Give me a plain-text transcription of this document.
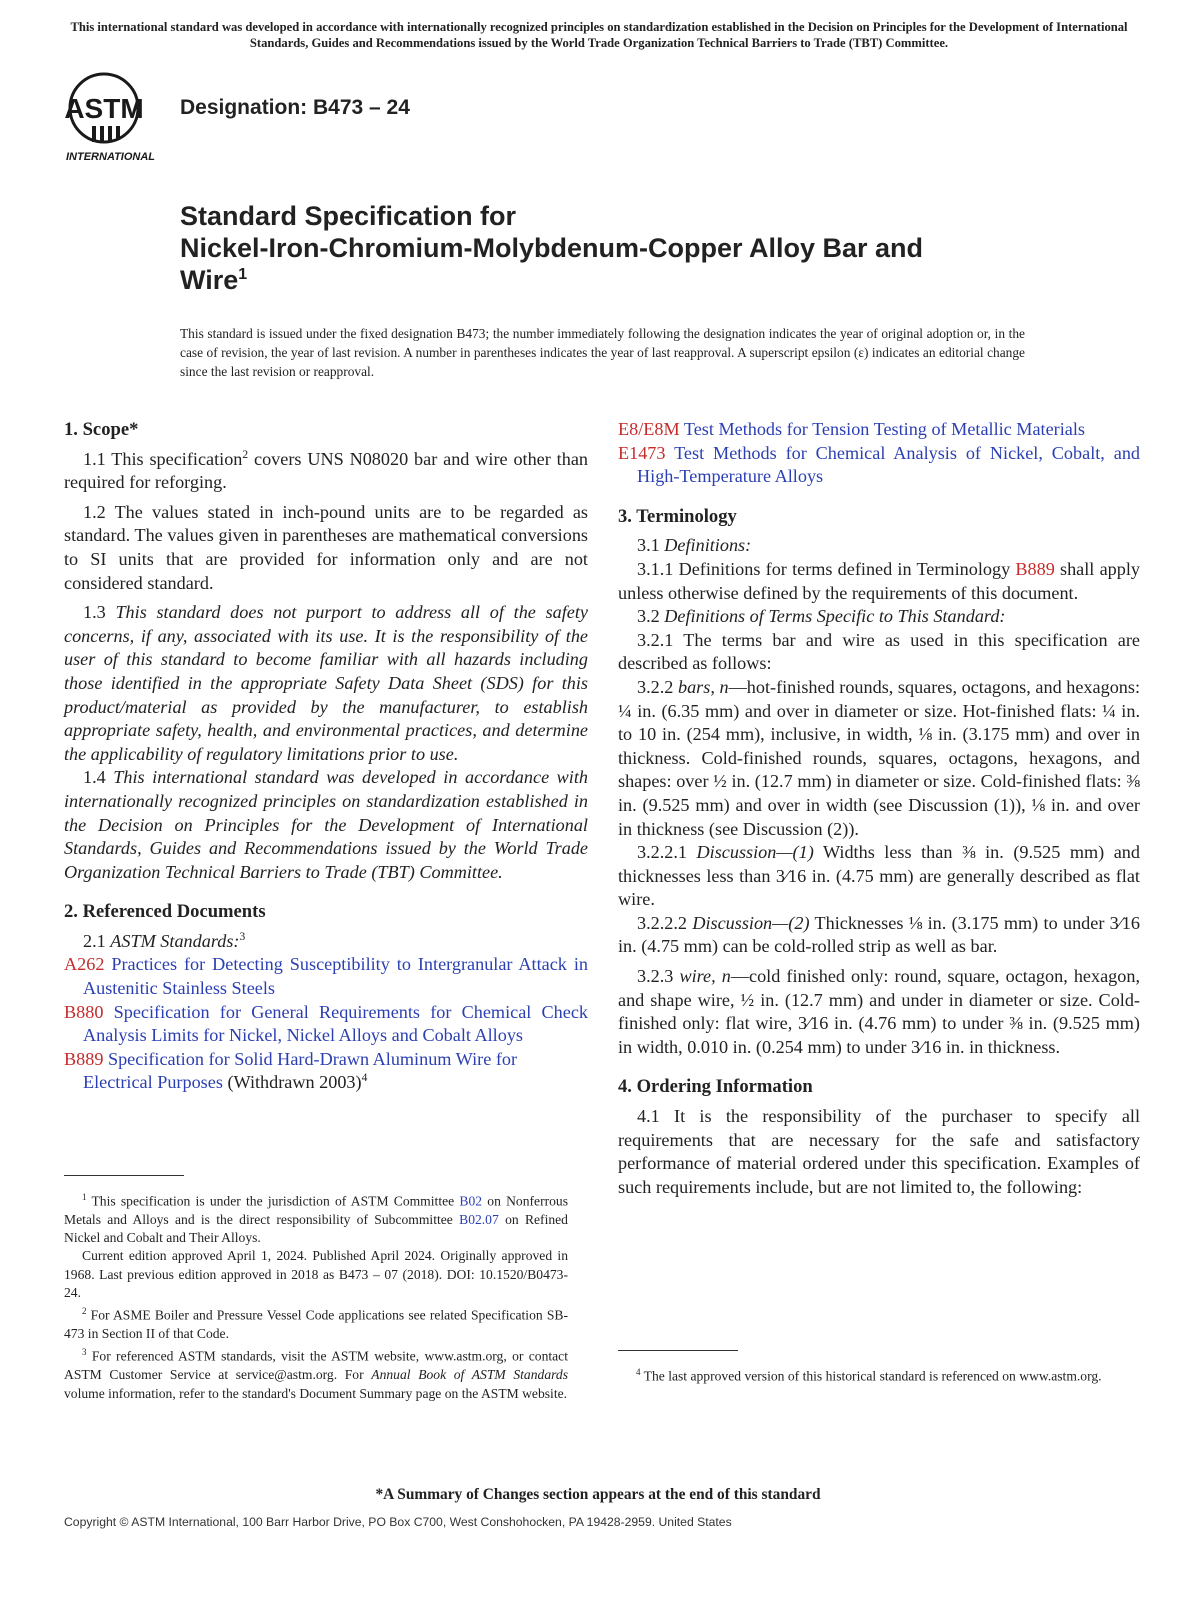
This international standard was developed in accordance with internationally recognized principles on standardization established in the Decision on Principles for the Development of International Standards, Guides and Recommendations issued by the World Trade Organization Technical Barriers to Trade (TBT) Committee.
ASTM
INTERNATIONAL
Designation: B473 – 24
Standard Specification for
Nickel-Iron-Chromium-Molybdenum-Copper Alloy Bar and
Wire$^1$
This standard is issued under the fixed designation B473; the number immediately following the designation indicates the year of original adoption or, in the case of revision, the year of last revision. A number in parentheses indicates the year of last reapproval. A superscript epsilon (ε) indicates an editorial change since the last revision or reapproval.
1. Scope*

1.1 This specification$^2$ covers UNS N08020 bar and wire other than required for reforging.

1.2 The values stated in inch-pound units are to be regarded as standard. The values given in parentheses are mathematical conversions to SI units that are provided for information only and are not considered standard.

1.3 This standard does not purport to address all of the safety concerns, if any, associated with its use. It is the responsibility of the user of this standard to become familiar with all hazards including those identified in the appropriate Safety Data Sheet (SDS) for this product/material as provided by the manufacturer, to establish appropriate safety, health, and environmental practices, and determine the applicability of regulatory limitations prior to use.

1.4 This international standard was developed in accordance with internationally recognized principles on standardization established in the Decision on Principles for the Development of International Standards, Guides and Recommendations issued by the World Trade Organization Technical Barriers to Trade (TBT) Committee.

2. Referenced Documents

2.1 ASTM Standards:$^3$

A262 Practices for Detecting Susceptibility to Intergranular Attack in Austenitic Stainless Steels

B880 Specification for General Requirements for Chemical Check Analysis Limits for Nickel, Nickel Alloys and Cobalt Alloys

B889 Specification for Solid Hard-Drawn Aluminum Wire for Electrical Purposes (Withdrawn 2003)$^4$

E8/E8M Test Methods for Tension Testing of Metallic Materials

E1473 Test Methods for Chemical Analysis of Nickel, Cobalt, and High-Temperature Alloys

3. Terminology

3.1 Definitions:

3.1.1 Definitions for terms defined in Terminology B889 shall apply unless otherwise defined by the requirements of this document.

3.2 Definitions of Terms Specific to This Standard:

3.2.1 The terms bar and wire as used in this specification are described as follows:

3.2.2 bars, n—hot-finished rounds, squares, octagons, and hexagons: ¼ in. (6.35 mm) and over in diameter or size. Hot-finished flats: ¼ in. to 10 in. (254 mm), inclusive, in width, ⅛ in. (3.175 mm) and over in thickness. Cold-finished rounds, squares, octagons, hexagons, and shapes: over ½ in. (12.7 mm) in diameter or size. Cold-finished flats: ⅜ in. (9.525 mm) and over in width (see Discussion (1)), ⅛ in. and over in thickness (see Discussion (2)).

3.2.2.1 Discussion—(1) Widths less than ⅜ in. (9.525 mm) and thicknesses less than 3⁄16 in. (4.75 mm) are generally described as flat wire.

3.2.2.2 Discussion—(2) Thicknesses ⅛ in. (3.175 mm) to under 3⁄16 in. (4.75 mm) can be cold-rolled strip as well as bar.

3.2.3 wire, n—cold finished only: round, square, octagon, hexagon, and shape wire, ½ in. (12.7 mm) and under in diameter or size. Cold-finished only: flat wire, 3⁄16 in. (4.76 mm) to under ⅜ in. (9.525 mm) in width, 0.010 in. (0.254 mm) to under 3⁄16 in. in thickness.

4. Ordering Information

4.1 It is the responsibility of the purchaser to specify all requirements that are necessary for the safe and satisfactory performance of material ordered under this specification. Examples of such requirements include, but are not limited to, the following:

$^1$ This specification is under the jurisdiction of ASTM Committee B02 on Nonferrous Metals and Alloys and is the direct responsibility of Subcommittee B02.07 on Refined Nickel and Cobalt and Their Alloys.

Current edition approved April 1, 2024. Published April 2024. Originally approved in 1968. Last previous edition approved in 2018 as B473 – 07 (2018). DOI: 10.1520/B0473-24.

$^2$ For ASME Boiler and Pressure Vessel Code applications see related Specification SB-473 in Section II of that Code.

$^3$ For referenced ASTM standards, visit the ASTM website, www.astm.org, or contact ASTM Customer Service at service@astm.org. For Annual Book of ASTM Standards volume information, refer to the standard's Document Summary page on the ASTM website.

$^4$ The last approved version of this historical standard is referenced on www.astm.org.

*A Summary of Changes section appears at the end of this standard
Copyright © ASTM International, 100 Barr Harbor Drive, PO Box C700, West Conshohocken, PA 19428-2959. United States
